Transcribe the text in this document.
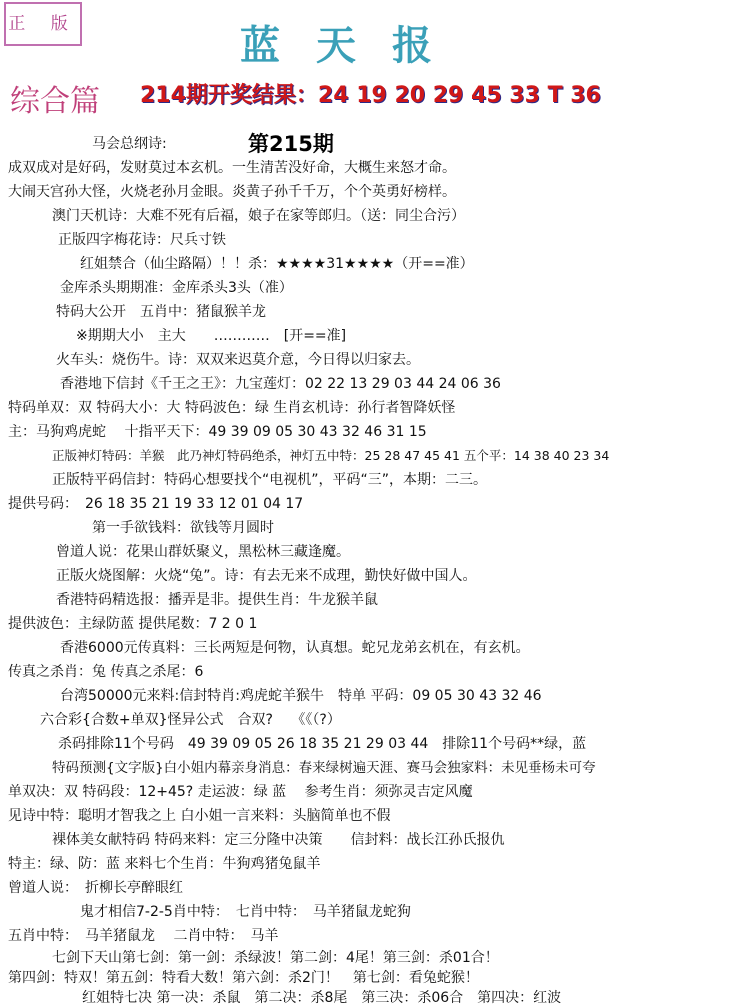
正 版	蓝天报
综合篇 214期开奖结果：24 19 20 29 45 33 T 36
第215期
马会总纲诗:
成双成对是好码，发财莫过本玄机。一生清苦没好命，大概生来怒才命。
大闹天宫孙大怪，火烧老孙月金眼。炎黄子孙千千万，个个英勇好榜样。
澳门天机诗：大难不死有后福，娘子在家等郎归。（送：同尘合污）
正版四字梅花诗：尺兵寸铁
红姐禁合（仙尘路隔）！！杀：★★★★31★★★★（开==准）
金库杀头期期准：金库杀头3头（准）
特码大公开　五肖中：猪鼠猴羊龙
※期期大小　主大　　…………　[开==准]
火车头：烧伤牛。诗：双双来迟莫介意，今日得以归家去。
香港地下信封《千王之王》：九宝莲灯：02 22 13 29 03 44 24 06 36
特码单双：双 特码大小：大 特码波色：绿 生肖玄机诗：孙行者智降妖怪
主：马狗鸡虎蛇　 十指平天下：49 39 09 05 30 43 32 46 31 15
正版神灯特码：羊猴　此乃神灯特码绝杀，神灯五中特：25 28 47 45 41 五个平：14 38 40 23 34
正版特平码信封：特码心想要找个“电视机”，平码“三”，本期：二三。
提供号码：　26 18 35 21 19 33 12 01 04 17
第一手欲钱料：欲钱等月圆时
曾道人说：花果山群妖聚义，黑松林三藏逢魔。
正版火烧图解：火烧“兔”。诗：有去无来不成理，勤快好做中国人。
香港特码精选报：播弄是非。提供生肖：牛龙猴羊鼠
提供波色：主绿防蓝 提供尾数：7 2 0 1
香港6000元传真料：三长两短是何物，认真想。蛇兄龙弟玄机在，有玄机。
传真之杀肖：兔 传真之杀尾：6
台湾50000元来料:信封特肖:鸡虎蛇羊猴牛　特单 平码：09 05 30 43 32 46
六合彩{合数+单双}怪异公式　合双?　 《《（?）
杀码排除11个号码　49 39 09 05 26 18 35 21 29 03 44　排除11个号码**绿，蓝
特码预测{文字版}白小姐内幕亲身消息：春来绿树遍天涯、赛马会独家料：未见垂杨未可夸
单双决：双 特码段：12+45? 走运波：绿 蓝　 参考生肖：须弥灵吉定风魔
见诗中特：聪明才智我之上 白小姐一言来料：头脑简单也不假
裸体美女献特码 特码来料：定三分隆中决策　　信封料：战长江孙氏报仇
特主：绿、防：蓝 来料七个生肖：牛狗鸡猪兔鼠羊
曾道人说：　折柳长亭醉眼红
鬼才相信7-2-5肖中特：　七肖中特：　马羊猪鼠龙蛇狗
五肖中特：　马羊猪鼠龙　 二肖中特：　马羊
七剑下天山第七剑：第一剑：杀绿波！第二剑：4尾！第三剑：杀01合！
第四剑：特双！第五剑：特看大数！第六剑：杀2门！　第七剑：看兔蛇猴！
红姐特七决 第一决：杀鼠　第二决：杀8尾　第三决：杀06合　第四决：红波
